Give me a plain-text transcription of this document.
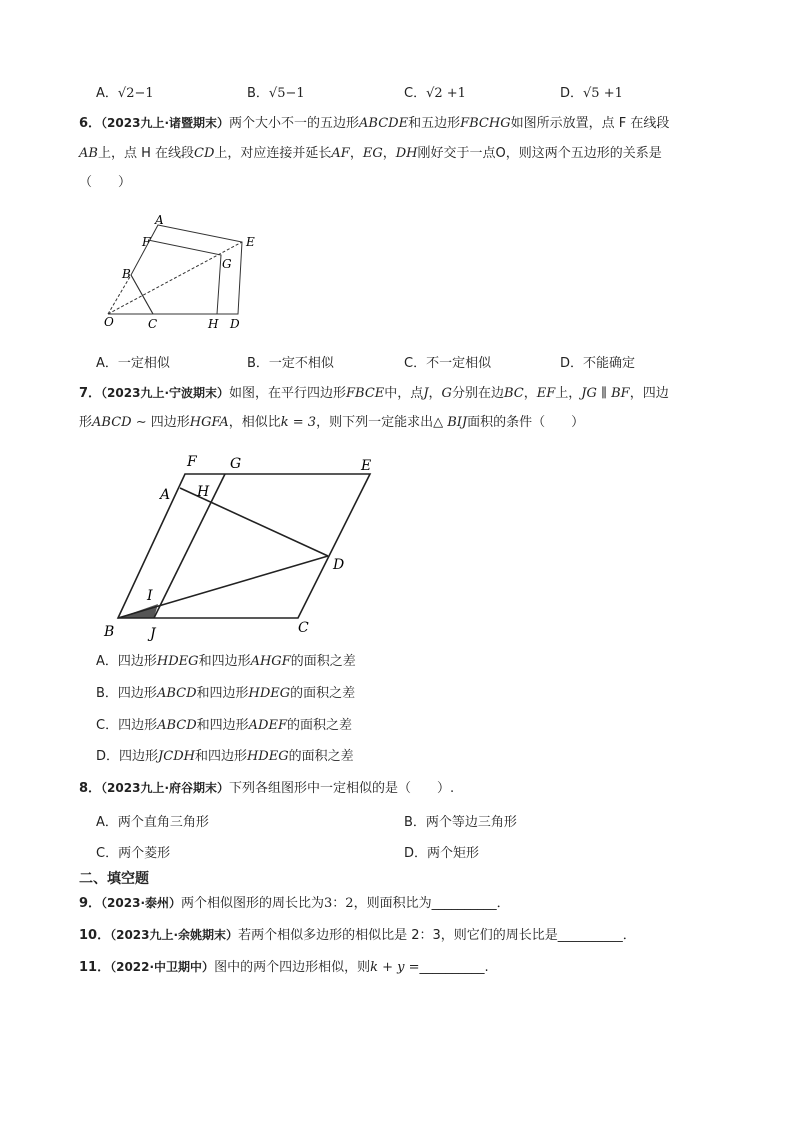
A．√2−1	B．√5−1	C．√2 +1	D．√5 +1
6．（2023九上·诸暨期末）两个大小不一的五边形ABCDE和五边形FBCHG如图所示放置，点 F 在线段
AB上，点 H 在线段CD上，对应连接并延长AF，EG，DH刚好交于一点O，则这两个五边形的关系是
（　　）
A
F	E
G
B
O	C	H D
A．一定相似	B．一定不相似	C．不一定相似	D．不能确定
7．（2023九上·宁波期末）如图，在平行四边形FBCE中，点J，G分别在边BC，EF上，JG ∥ BF，四边
形ABCD ∼ 四边形HGFA，相似比k = 3，则下列一定能求出△ BIJ面积的条件（　　）
F G	E
A H
D
I
B	J	C
A．四边形HDEG和四边形AHGF的面积之差
B．四边形ABCD和四边形HDEG的面积之差
C．四边形ABCD和四边形ADEF的面积之差
D．四边形JCDH和四边形HDEG的面积之差
8．（2023九上·府谷期末）下列各组图形中一定相似的是（　　）.
A．两个直角三角形	B．两个等边三角形
C．两个菱形	D．两个矩形
二、填空题
9．（2023·泰州）两个相似图形的周长比为3：2，则面积比为__________．
10．（2023九上·余姚期末）若两个相似多边形的相似比是 2：3，则它们的周长比是__________．
11．（2022·中卫期中）图中的两个四边形相似，则k + y =__________.
